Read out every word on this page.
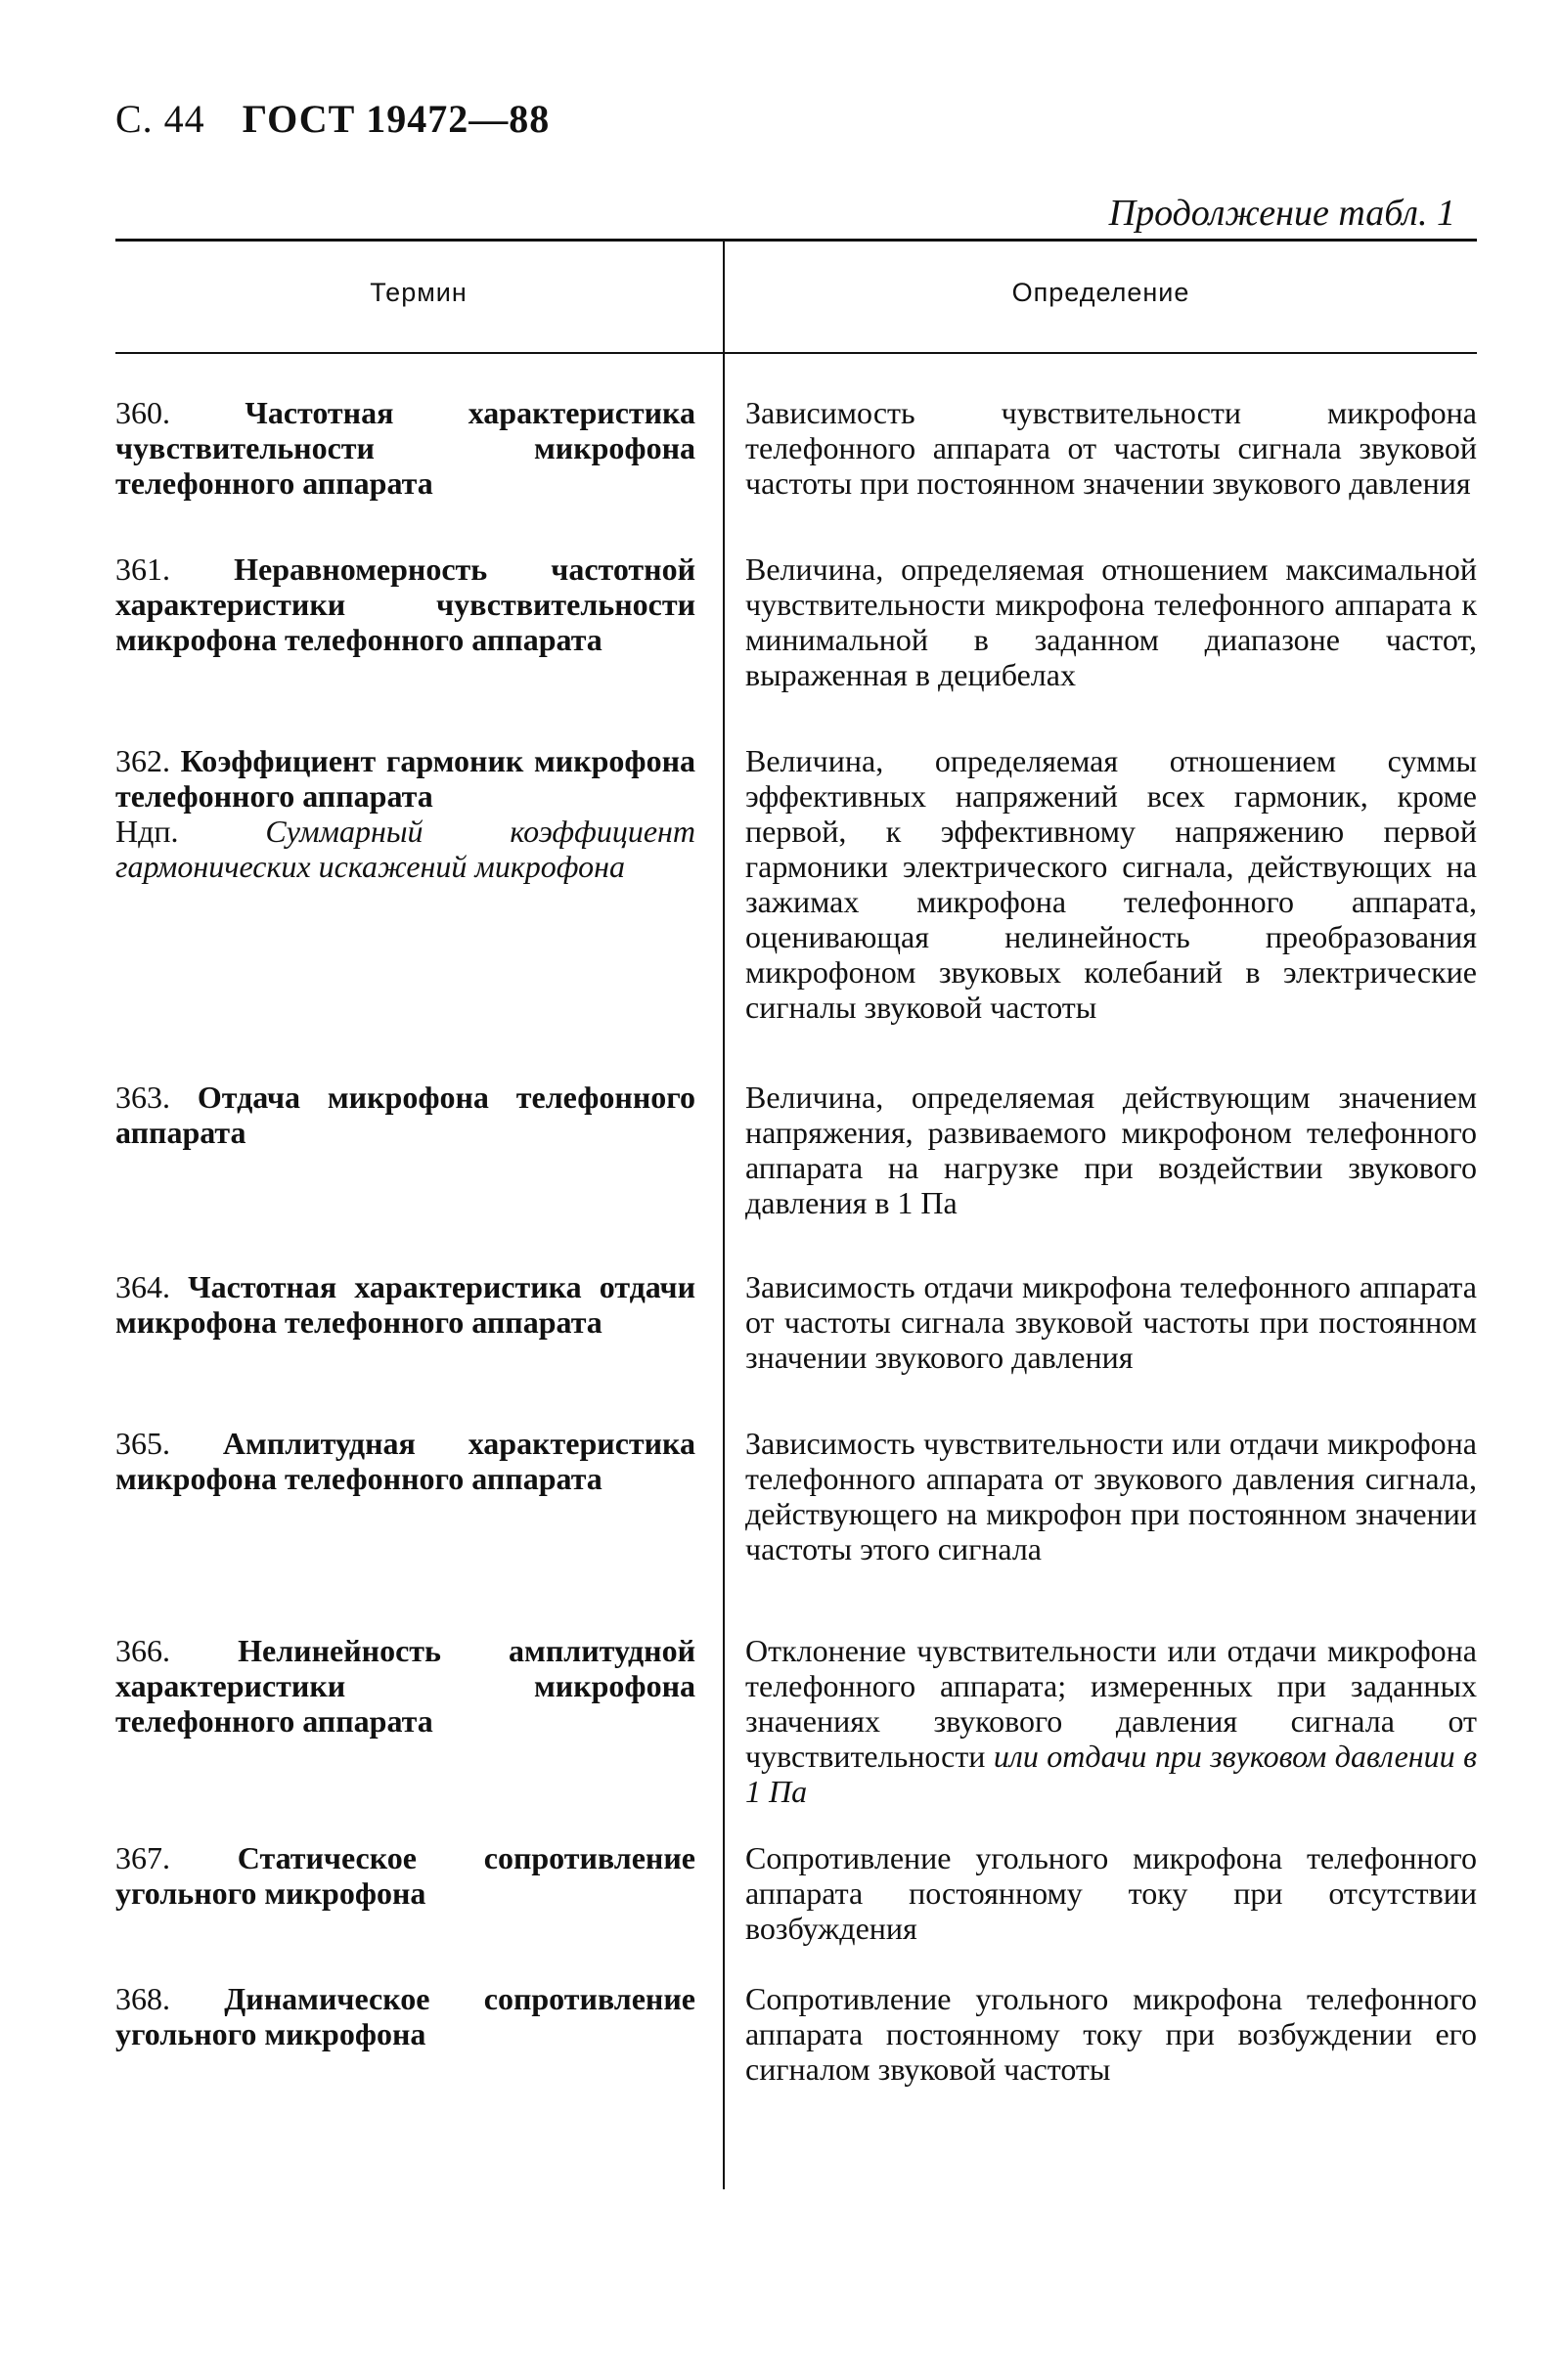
С. 44 ГОСТ 19472—88
Продолжение табл. 1
Термин	Определение
360. Частотная характеристика чувствительности микрофона телефонного аппарата
Зависимость чувствительности микрофона телефонного аппарата от частоты сигнала звуковой частоты при постоянном значении звукового давления
361. Неравномерность частотной характеристики чувствительности микрофона телефонного аппарата
Величина, определяемая отношением максимальной чувствительности микрофона телефонного аппарата к минимальной в заданном диапазоне частот, выраженная в децибелах
362. Коэффициент гармоник микрофона телефонного аппарата
Ндп.	Суммарный коэффициент гармонических искажений микрофона
Величина, определяемая отношением суммы эффективных напряжений всех гармоник, кроме первой, к эффективному напряжению первой гармоники электрического сигнала, действующих на зажимах микрофона телефонного аппарата, оценивающая нелинейность преобразования микрофоном звуковых колебаний в электрические сигналы звуковой частоты
363. Отдача микрофона телефонного аппарата
Величина, определяемая действующим значением напряжения, развиваемого микрофоном телефонного аппарата на нагрузке при воздействии звукового давления в 1 Па
364. Частотная характеристика отдачи микрофона телефонного аппарата
Зависимость отдачи микрофона телефонного аппарата от частоты сигнала звуковой частоты при постоянном значении звукового давления
365. Амплитудная характеристика микрофона телефонного аппарата
Зависимость чувствительности или отдачи микрофона телефонного аппарата от звукового давления сигнала, действующего на микрофон при постоянном значении частоты этого сигнала
366. Нелинейность амплитудной характеристики микрофона телефонного аппарата
Отклонение чувствительности или отдачи микрофона телефонного аппарата; измеренных при заданных значениях звукового давления сигнала от чувствительности или отдачи при звуковом давлении в 1 Па
367. Статическое сопротивление угольного микрофона
Сопротивление угольного микрофона телефонного аппарата постоянному току при отсутствии возбуждения
368. Динамическое сопротивление угольного микрофона
Сопротивление угольного микрофона телефонного аппарата постоянному току при возбуждении его сигналом звуковой частоты
